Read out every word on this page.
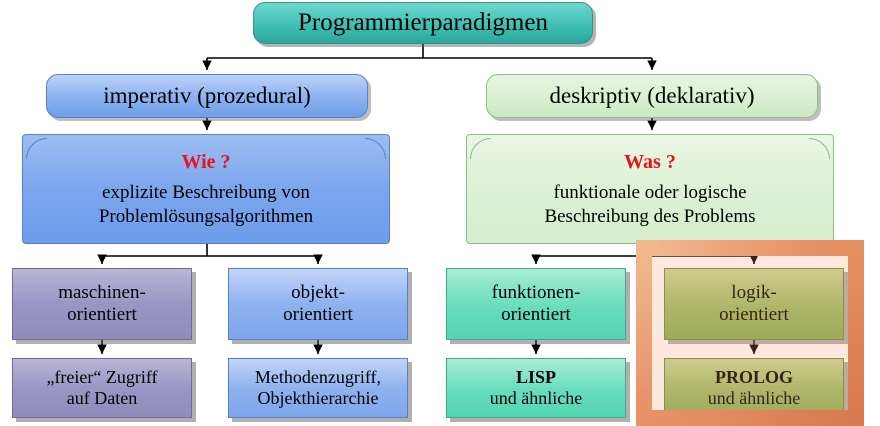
Programmierparadigmen
imperativ (prozedural)	deskriptiv (deklarativ)
Wie ?
explizite Beschreibung von
Problemlösungsalgorithmen
Was ?
funktionale oder logische
Beschreibung des Problems
maschinen-
orientiert
objekt-
orientiert
funktionen-
orientiert
logik-
orientiert
„freier“ Zugriff
auf Daten
Methodenzugriff,
Objekthierarchie
LISP
und ähnliche
PROLOG
und ähnliche
